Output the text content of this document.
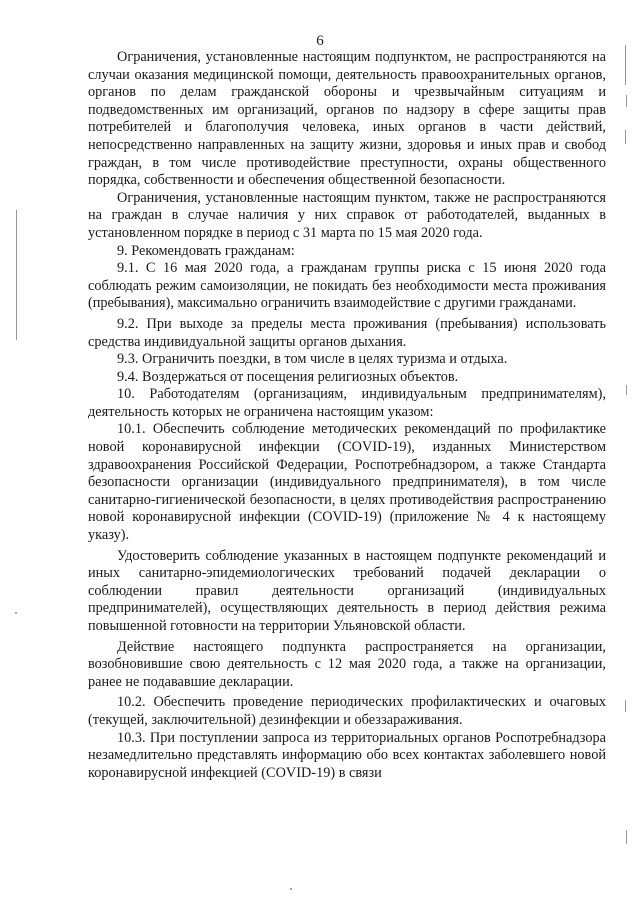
6

Ограничения, установленные настоящим подпунктом, не распространяются на случаи оказания медицинской помощи, деятельность правоохранительных органов, органов по делам гражданской обороны и чрезвычайным ситуациям и подведомственных им организаций, органов по надзору в сфере защиты прав потребителей и благополучия человека, иных органов в части действий, непосредственно направленных на защиту жизни, здоровья и иных прав и свобод граждан, в том числе противодействие преступности, охраны общественного порядка, собственности и обеспечения общественной безопасности.

Ограничения, установленные настоящим пунктом, также не распространяются на граждан в случае наличия у них справок от работодателей, выданных в установленном порядке в период с 31 марта по 15 мая 2020 года.

9. Рекомендовать гражданам:

9.1. С 16 мая 2020 года, а гражданам группы риска с 15 июня 2020 года соблюдать режим самоизоляции, не покидать без необходимости места проживания (пребывания), максимально ограничить взаимодействие с другими гражданами.

9.2. При выходе за пределы места проживания (пребывания) использовать средства индивидуальной защиты органов дыхания.

9.3. Ограничить поездки, в том числе в целях туризма и отдыха.

9.4. Воздержаться от посещения религиозных объектов.

10. Работодателям (организациям, индивидуальным предпринимателям), деятельность которых не ограничена настоящим указом:

10.1. Обеспечить соблюдение методических рекомендаций по профилактике новой коронавирусной инфекции (COVID-19), изданных Министерством здравоохранения Российской Федерации, Роспотребнадзором, а также Стандарта безопасности организации (индивидуального предпринимателя), в том числе санитарно-гигиенической безопасности, в целях противодействия распространению новой коронавирусной инфекции (COVID-19) (приложение № 4 к настоящему указу).

Удостоверить соблюдение указанных в настоящем подпункте рекомендаций и иных санитарно-эпидемиологических требований подачей декларации о соблюдении правил деятельности организаций (индивидуальных предпринимателей), осуществляющих деятельность в период действия режима повышенной готовности на территории Ульяновской области.

Действие настоящего подпункта распространяется на организации, возобновившие свою деятельность с 12 мая 2020 года, а также на организации, ранее не подававшие декларации.

10.2. Обеспечить проведение периодических профилактических и очаговых (текущей, заключительной) дезинфекции и обеззараживания.

10.3. При поступлении запроса из территориальных органов Роспотребнадзора незамедлительно представлять информацию обо всех контактах заболевшего новой коронавирусной инфекцией (COVID-19) в связи
